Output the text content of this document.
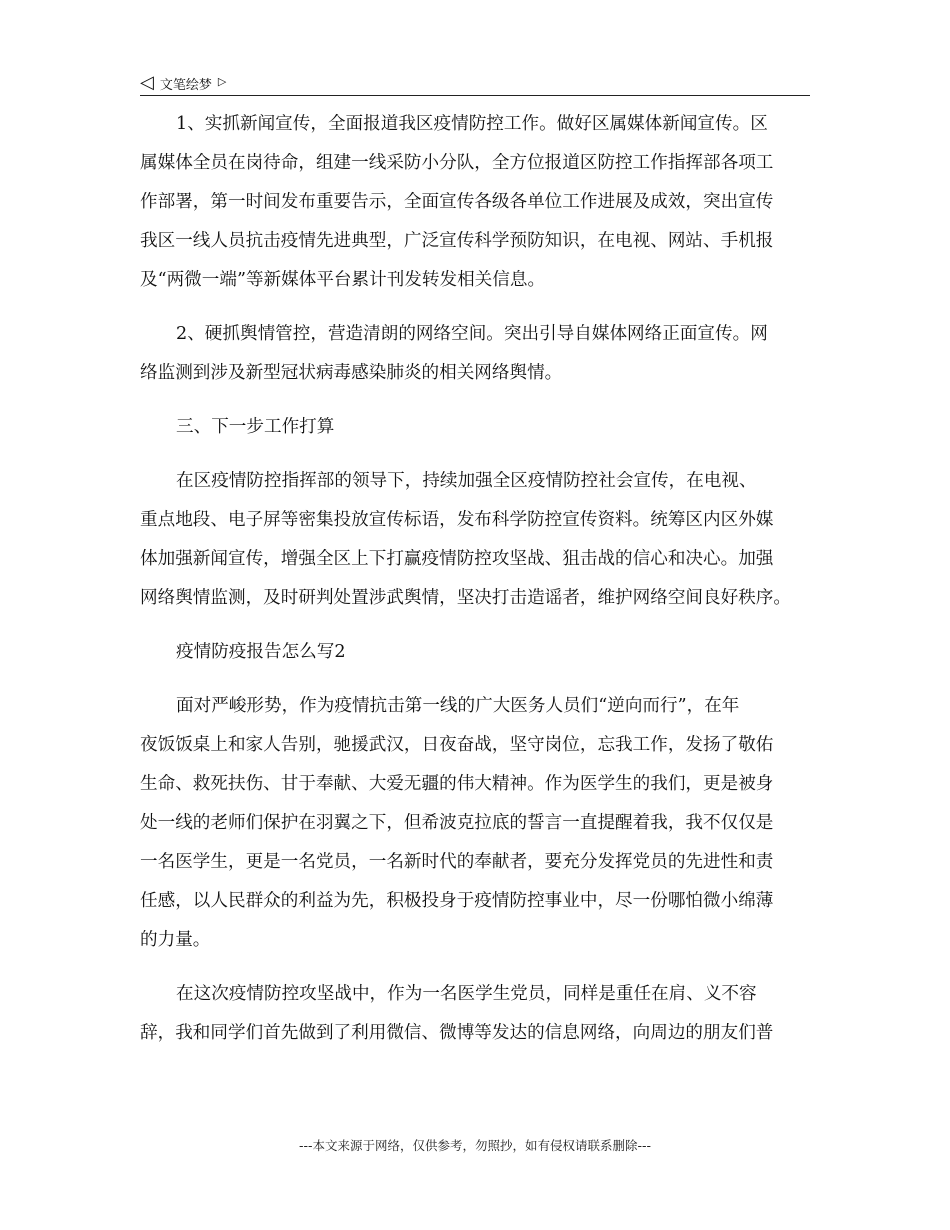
◁ 文笔绘梦 ▷
1、实抓新闻宣传，全面报道我区疫情防控工作。做好区属媒体新闻宣传。区
属媒体全员在岗待命，组建一线采防小分队，全方位报道区防控工作指挥部各项工
作部署，第一时间发布重要告示，全面宣传各级各单位工作进展及成效，突出宣传
我区一线人员抗击疫情先进典型，广泛宣传科学预防知识，在电视、网站、手机报
及“两微一端”等新媒体平台累计刊发转发相关信息。
2、硬抓舆情管控，营造清朗的网络空间。突出引导自媒体网络正面宣传。网
络监测到涉及新型冠状病毒感染肺炎的相关网络舆情。
三、下一步工作打算
在区疫情防控指挥部的领导下，持续加强全区疫情防控社会宣传，在电视、
重点地段、电子屏等密集投放宣传标语，发布科学防控宣传资料。统筹区内区外媒
体加强新闻宣传，增强全区上下打赢疫情防控攻坚战、狙击战的信心和决心。加强
网络舆情监测，及时研判处置涉武舆情，坚决打击造谣者，维护网络空间良好秩序。
疫情防疫报告怎么写2
面对严峻形势，作为疫情抗击第一线的广大医务人员们“逆向而行”，在年
夜饭饭桌上和家人告别，驰援武汉，日夜奋战，坚守岗位，忘我工作，发扬了敬佑
生命、救死扶伤、甘于奉献、大爱无疆的伟大精神。作为医学生的我们，更是被身
处一线的老师们保护在羽翼之下，但希波克拉底的誓言一直提醒着我，我不仅仅是
一名医学生，更是一名党员，一名新时代的奉献者，要充分发挥党员的先进性和责
任感，以人民群众的利益为先，积极投身于疫情防控事业中，尽一份哪怕微小绵薄
的力量。
在这次疫情防控攻坚战中，作为一名医学生党员，同样是重任在肩、义不容
辞，我和同学们首先做到了利用微信、微博等发达的信息网络，向周边的朋友们普
---本文来源于网络，仅供参考，勿照抄，如有侵权请联系删除---
